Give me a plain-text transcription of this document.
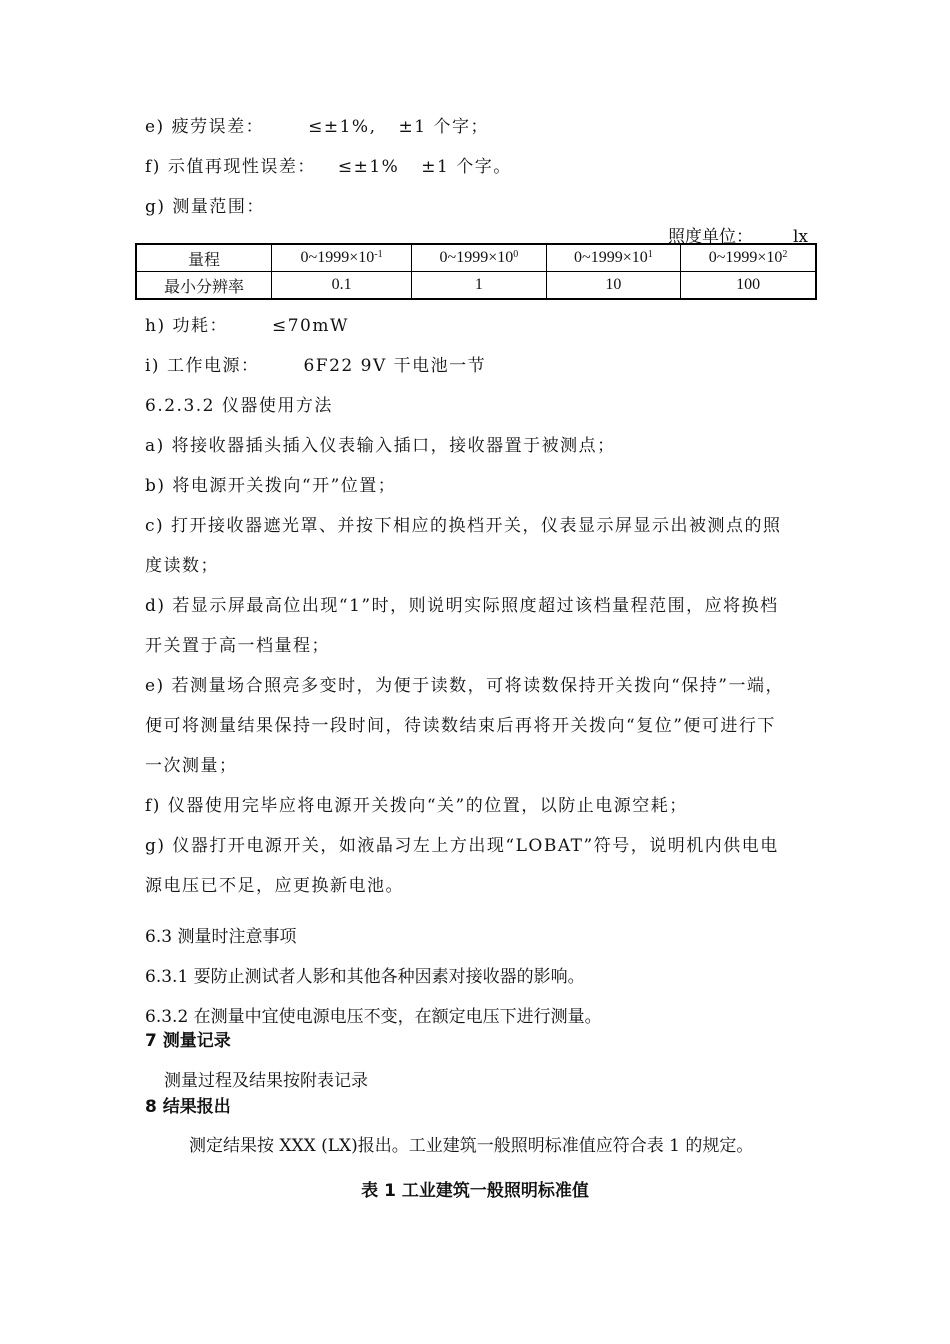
e) 疲劳误差：	≤±1%, ±1 个字；
f) 示值再现性误差： ≤±1% ±1 个字。
g) 测量范围：
照度单位： lx
量程	$0\sim 1999\times 10^{-1}$	$0\sim 1999\times 10^0$	$0\sim 1999\times 10^1$	$0\sim 1999\times 10^2$
最小分辨率	0.1	1	10	100
h) 功耗：	≤70mW
i) 工作电源：	6F22 9V 干电池一节
6.2.3.2 仪器使用方法
a) 将接收器插头插入仪表输入插口，接收器置于被测点；
b) 将电源开关拨向“开”位置；
c) 打开接收器遮光罩、并按下相应的换档开关，仪表显示屏显示出被测点的照
度读数；
d) 若显示屏最高位出现“1”时，则说明实际照度超过该档量程范围，应将换档
开关置于高一档量程；
e) 若测量场合照亮多变时，为便于读数，可将读数保持开关拨向“保持”一端，
便可将测量结果保持一段时间，待读数结束后再将开关拨向“复位”便可进行下
一次测量；
f) 仪器使用完毕应将电源开关拨向“关”的位置，以防止电源空耗；
g) 仪器打开电源开关，如液晶习左上方出现“LOBAT”符号，说明机内供电电
源电压已不足，应更换新电池。
6.3 测量时注意事项
6.3.1 要防止测试者人影和其他各种因素对接收器的影响。
6.3.2 在测量中宜使电源电压不变，在额定电压下进行测量。
7 测量记录
测量过程及结果按附表记录
8 结果报出
测定结果按 XXX (LX)报出。工业建筑一般照明标准值应符合表 1 的规定。
表 1 工业建筑一般照明标准值
